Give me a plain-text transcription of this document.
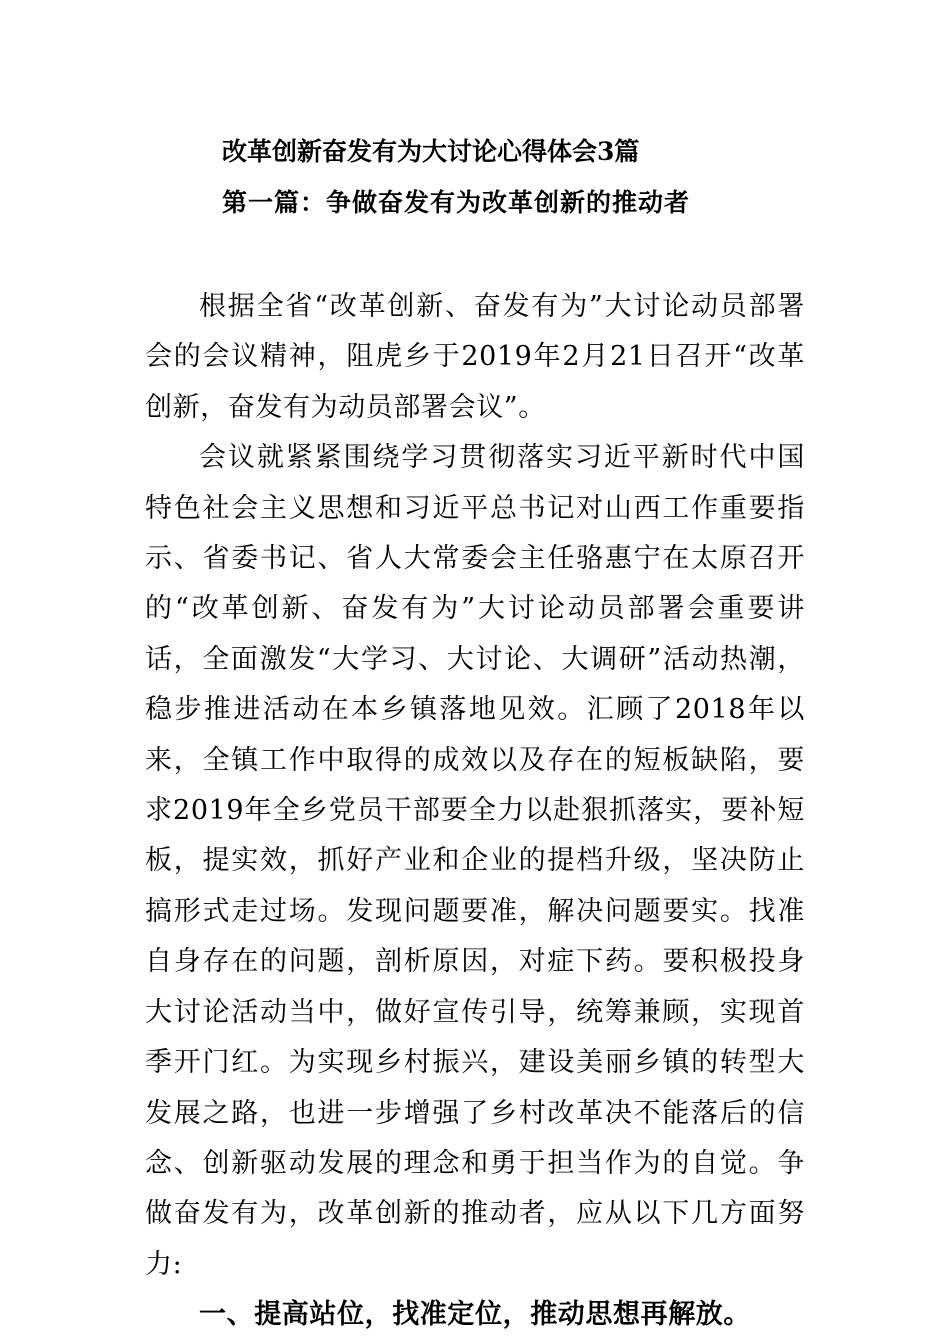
改革创新奋发有为大讨论心得体会3篇
第一篇：争做奋发有为改革创新的推动者

根据全省“改革创新、奋发有为”大讨论动员部署会的会议精神，阻虎乡于2019年2月21日召开“改革创新，奋发有为动员部署会议”。

会议就紧紧围绕学习贯彻落实习近平新时代中国特色社会主义思想和习近平总书记对山西工作重要指示、省委书记、省人大常委会主任骆惠宁在太原召开的“改革创新、奋发有为”大讨论动员部署会重要讲话，全面激发“大学习、大讨论、大调研”活动热潮，稳步推进活动在本乡镇落地见效。汇顾了2018年以来，全镇工作中取得的成效以及存在的短板缺陷，要求2019年全乡党员干部要全力以赴狠抓落实，要补短板，提实效，抓好产业和企业的提档升级，坚决防止搞形式走过场。发现问题要准，解决问题要实。找准自身存在的问题，剖析原因，对症下药。要积极投身大讨论活动当中，做好宣传引导，统筹兼顾，实现首季开门红。为实现乡村振兴，建设美丽乡镇的转型大发展之路，也进一步增强了乡村改革决不能落后的信念、创新驱动发展的理念和勇于担当作为的自觉。争做奋发有为，改革创新的推动者，应从以下几方面努力:

一、提高站位，找准定位，推动思想再解放。
